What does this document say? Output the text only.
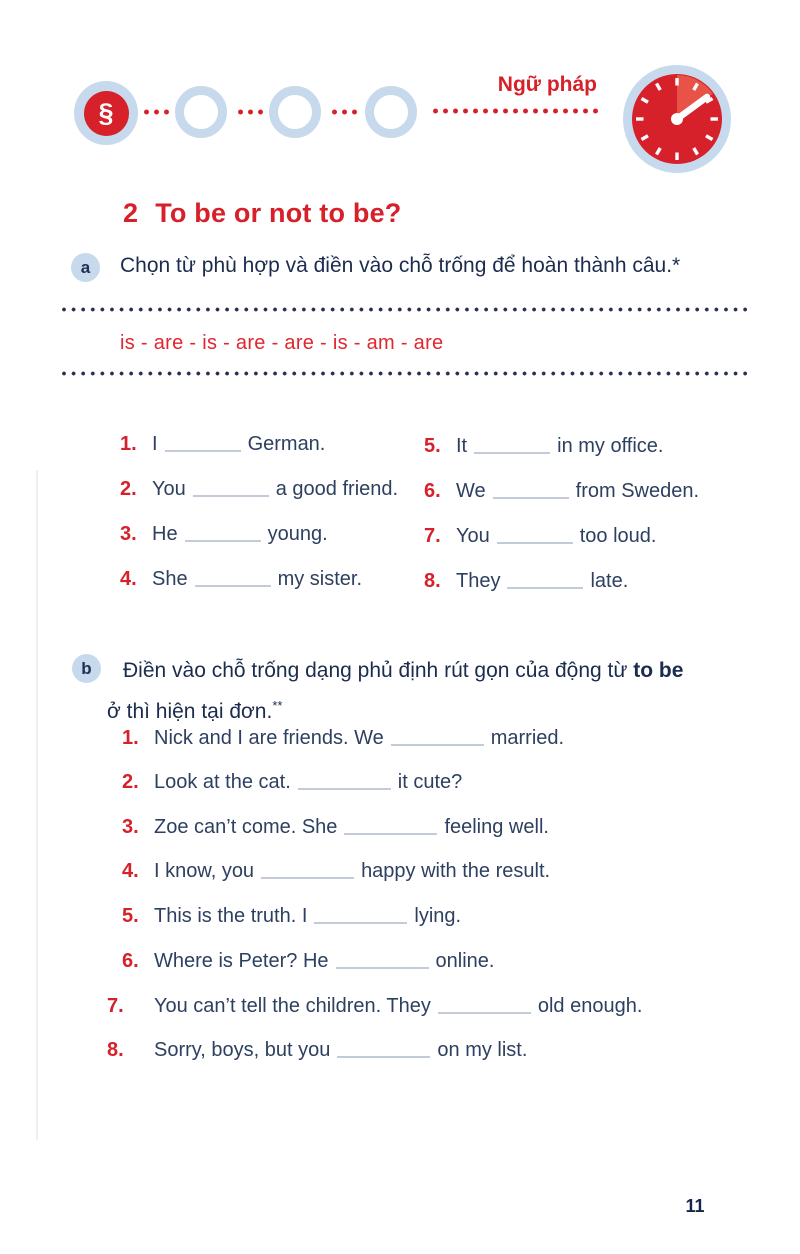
§
Ngữ pháp
2 To be or not to be?
a Chọn từ phù hợp và điền vào chỗ trống để hoàn thành câu.*
is - are - is - are - are - is - am - are
1. I	German.
2. You	a good friend.
3. He	young.
4. She	my sister.
5. It	in my office.
6. We	from Sweden.
7. You	too loud.
8. They	late.
b	Điền vào chỗ trống dạng phủ định rút gọn của động từ to be
ở thì hiện tại đơn.**
1. Nick and I are friends. We	married.
2. Look at the cat.	it cute?
3. Zoe can’t come. She	feeling well.
4. I know, you	happy with the result.
5. This is the truth. I	lying.
6. Where is Peter? He	online.
7. You can’t tell the children. They	old enough.
8. Sorry, boys, but you	on my list.
11
